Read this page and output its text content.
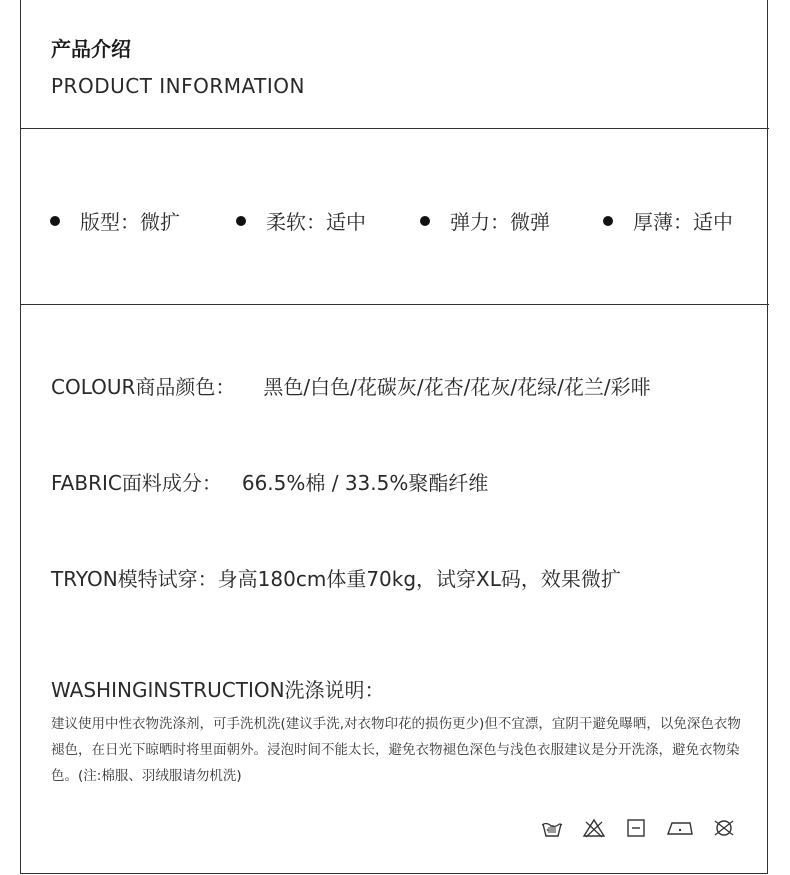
产品介绍
PRODUCT INFORMATION
版型：微扩	柔软：适中	弹力：微弹	厚薄：适中
COLOUR商品颜色： 黑色/白色/花碳灰/花杏/花灰/花绿/花兰/彩啡
FABRIC面料成分： 66.5%棉 / 33.5%聚酯纤维
TRYON模特试穿：身高180cm体重70kg，试穿XL码，效果微扩
WASHINGINSTRUCTION洗涤说明：
建议使用中性衣物洗涤剂，可手洗机洗(建议手洗,对衣物印花的损伤更少)但不宜漂，宜阴干避免曝晒，以免深色衣物褪色，在日光下晾晒时将里面朝外。浸泡时间不能太长，避免衣物褪色深色与浅色衣服建议是分开洗涤，避免衣物染色。(注:棉服、羽绒服请勿机洗)
